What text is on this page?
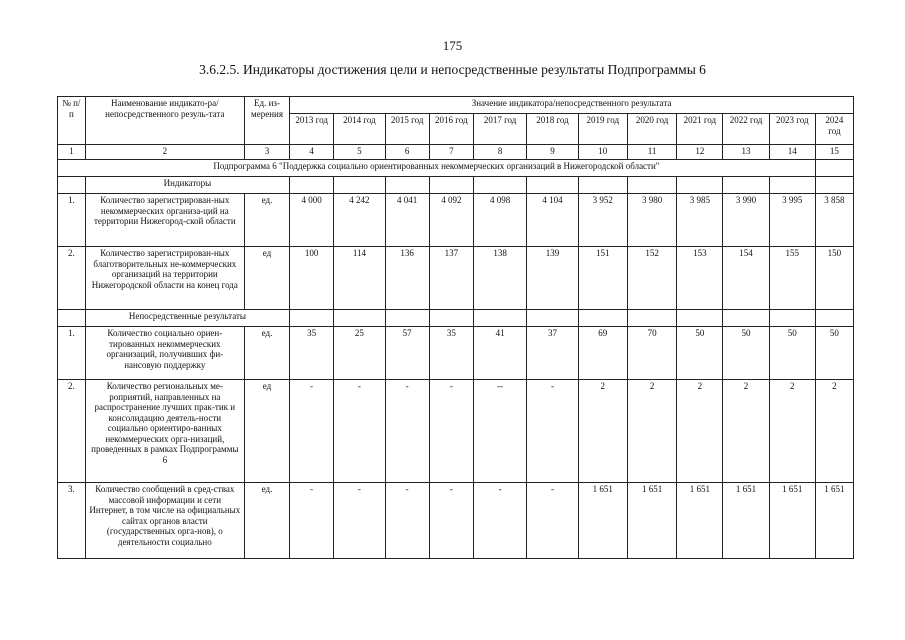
175
3.6.2.5. Индикаторы достижения цели и непосредственные результаты Подпрограммы 6
№ п/п	Наименование индикато-ра/непосредственного резуль-тата	Ед. из-мерения	Значение индикатора/непосредственного результата											
			2013 год	2014 год	2015 год	2016 год	2017 год	2018 год	2019 год	2020 год	2021 год	2022 год	2023 год	2024 год
1	2	3	4	5	6	7	8	9	10	11	12	13	14	15
Подпрограмма 6 "Поддержка социально ориентированных некоммерческих организаций в Нижегородской области"														
	Индикаторы													
1.	Количество зарегистрирован-ных некоммерческих организа-ций на территории Нижегород-ской области	ед.	4 000	4 242	4 041	4 092	4 098	4 104	3 952	3 980	3 985	3 990	3 995	3 858
2.	Количество зарегистрирован-ных благотворительных не-коммерческих организаций на территории Нижегородской области на конец года	ед	100	114	136	137	138	139	151	152	153	154	155	150
	Непосредственные результаты													
1.	Количество социально ориен-тированных некоммерческих организаций, получивших фи-нансовую поддержку	ед.	35	25	57	35	41	37	69	70	50	50	50	50
2.	Количество региональных ме-роприятий, направленных на распространение лучших прак-тик и консолидацию деятель-ности социально ориентиро-ванных некоммерческих орга-низаций, проведенных в рамках Подпрограммы 6	ед	-	-	-	-	--	-	2	2	2	2	2	2
3.	Количество сообщений в сред-ствах массовой информации и сети Интернет, в том числе на официальных сайтах органов власти (государственных орга-нов), о деятельности социально	ед.	-	-	-	-	-	-	1 651	1 651	1 651	1 651	1 651	1 651
